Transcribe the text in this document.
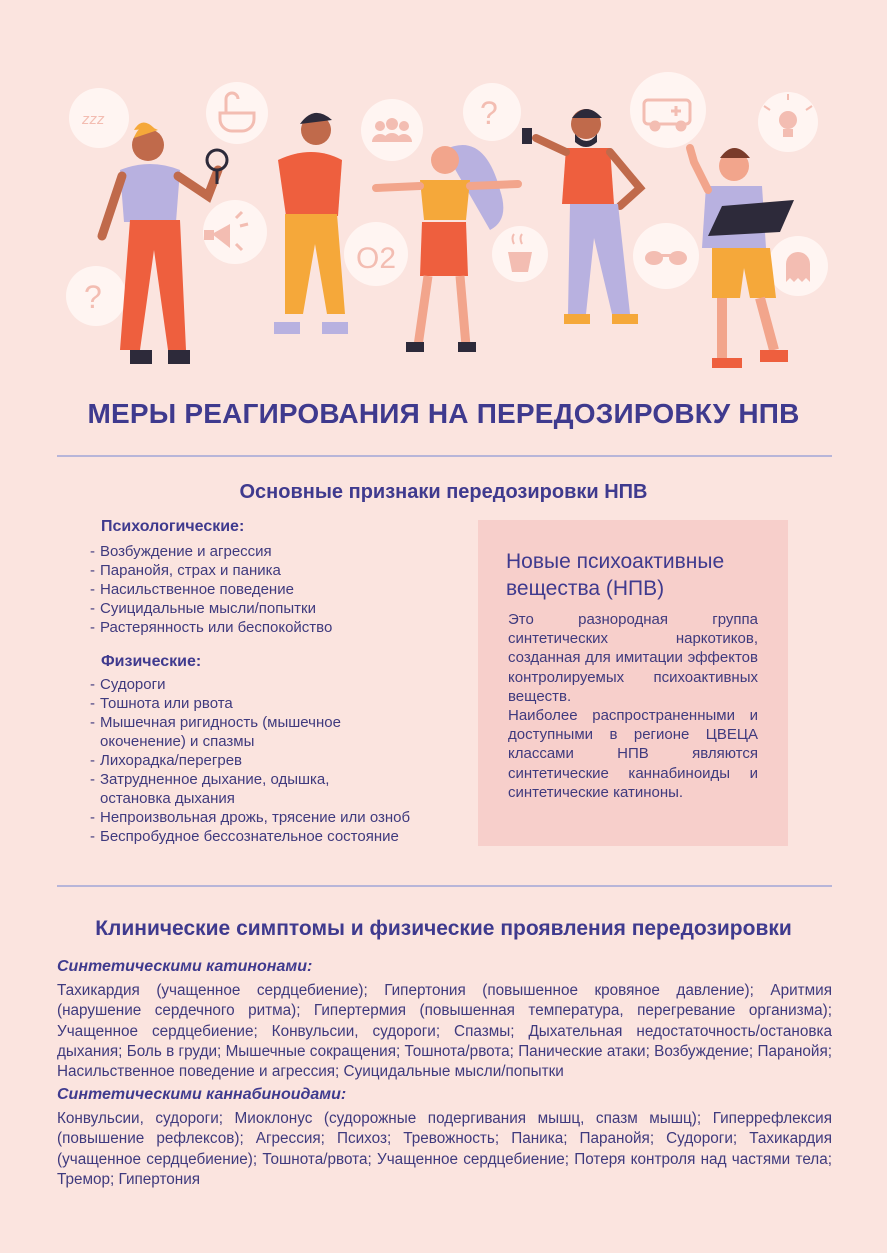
zzz	?
O2
?
МЕРЫ РЕАГИРОВАНИЯ НА ПЕРЕДОЗИРОВКУ НПВ
Основные признаки передозировки НПВ
Психологические:
- Возбуждение и агрессия
- Паранойя, страх и паника
- Насильственное поведение
- Суицидальные мысли/попытки
- Растерянность или беспокойство
Физические:
- Судороги
- Тошнота или рвота
- Мышечная ригидность (мышечное окоченение) и спазмы
- Лихорадка/перегрев
- Затрудненное дыхание, одышка, остановка дыхания
- Непроизвольная дрожь, трясение или озноб
- Беспробудное бессознательное состояние
Новые психоактивные вещества (НПВ)

Это разнородная группа синтетических наркотиков, созданная для имитации эффектов контролируемых психоактивных веществ.

Наиболее распространенными и доступными в регионе ЦВЕЦА классами НПВ являются синтетические каннабиноиды и синтетические катиноны.

Клинические симптомы и физические проявления передозировки
Синтетическими катинонами:

Тахикардия (учащенное сердцебиение); Гипертония (повышенное кровяное давление); Аритмия (нарушение сердечного ритма); Гипертермия (повышенная температура, перегревание организма); Учащенное сердцебиение; Конвульсии, судороги; Спазмы; Дыхательная недостаточность/остановка дыхания; Боль в груди; Мышечные сокращения; Тошнота/рвота; Панические атаки; Возбуждение; Паранойя; Насильственное поведение и агрессия; Суицидальные мысли/попытки

Синтетическими каннабиноидами:

Конвульсии, судороги; Миоклонус (судорожные подергивания мышц, спазм мышц); Гиперрефлексия (повышение рефлексов); Агрессия; Психоз; Тревожность; Паника; Паранойя; Судороги; Тахикардия (учащенное сердцебиение); Тошнота/рвота; Учащенное сердцебиение; Потеря контроля над частями тела; Тремор; Гипертония
